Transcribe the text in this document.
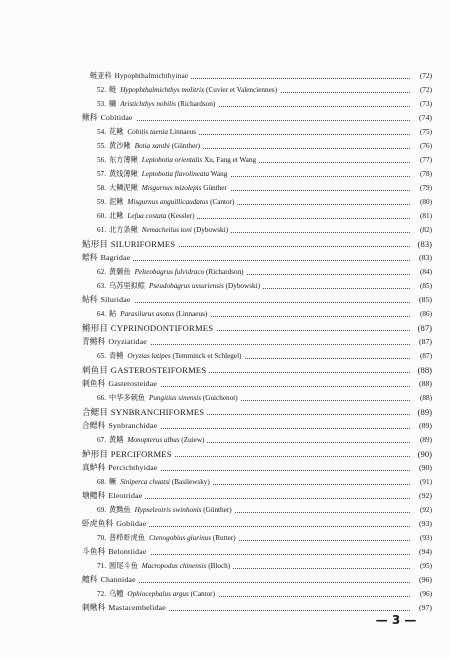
鲢亚科 Hypophthalmichthyinae	(72)
52. 鲢 Hypophthalmichthys molitrix (Cuvier et Valenciennes)	(72)
53. 鳙 Aristichthys nobilis (Richardson)	(73)
鳅科 Cobitidae	(74)
54. 花鳅 Cobitis taenia Linnaeus	(75)
55. 黄沙鳅 Botia xanthi (Günther)	(76)
56. 东方薄鳅 Leptobotia orientalis Xu, Fang et Wang	(77)
57. 黄线薄鳅 Leptobotia flavolineata Wang	(78)
58. 大鳞泥鳅 Misgurnus mizolepis Günther	(79)
59. 泥鳅 Misgurnus anguillicaudatus (Cantor)	(80)
60. 北鳅 Lefua costata (Kessler)	(81)
61. 北方条鳅 Nemacheilus toni (Dybowski)	(82)
鲇形目 SILURIFORMES	(83)
鲿科 Bagridae	(83)
62. 黄颡鱼 Pelteobagrus fulvidraco (Richardson)	(84)
63. 乌苏里拟鲿 Pseudobagrus ussuriensis (Dybowski)	(85)
鲇科 Siluridae	(85)
64. 鲇 Parasilurus asotus (Linnaeus)	(86)
鳉形目 CYPRINODONTIFORMES	(87)
青鳉科 Oryziatidae	(87)
65. 青鳉 Oryzias latipes (Temminck et Schlegel)	(87)
刺鱼目 GASTEROSTEIFORMES	(88)
刺鱼科 Gasterosteidae	(88)
66. 中华多刺鱼 Pungitius sinensis (Guichenot)	(88)
合鳃目 SYNBRANCHIFORMES	(89)
合鳃科 Synbranchidae	(89)
67. 黄鳝 Monopterus albus (Zuiew)	(89)
鲈形目 PERCIFORMES	(90)
真鲈科 Percichthyidae	(90)
68. 鳜 Siniperca chuatsi (Basilewsky)	(91)
塘鳢科 Eleotridae	(92)
69. 黄黝鱼 Hypseleotris swinhonis (Günther)	(92)
虾虎鱼科 Gobiidae	(93)
70. 普栉虾虎鱼 Ctenogobius giurinus (Rutter)	(93)
斗鱼科 Belontiidae	(94)
71. 圆尾斗鱼 Macropodus chinensis (Bloch)	(95)
鳢科 Channidae	(96)
72. 乌鳢 Ophiocephalus argus (Cantor)	(96)
刺鳅科 Mastacembelidae	(97)
— 3 —
